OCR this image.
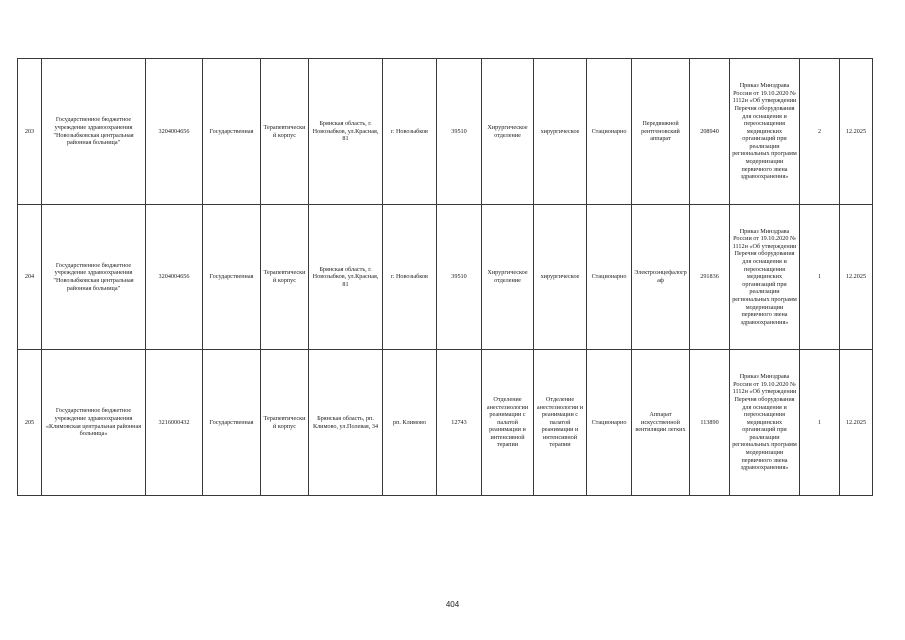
203	Государственное бюджетное учреждение здравоохранения "Новозыбковская центральная районная больница"	3204004656	Государственная	Терапевтический корпус	Брянская область, г. Новозыбков, ул.Красная, 81	г. Новозыбков	39510	Хирургическое отделение	хирургическое	Стационарно	Передвижной рентгеновский аппарат	208940	Приказ Минздрава России от 19.10.2020 № 1112н «Об утверждении Перечня оборудования для оснащения и переоснащения медицинских организаций при реализации региональных программ модернизации первичного звена здравоохранения»	2	12.2025
204	Государственное бюджетное учреждение здравоохранения "Новозыбковская центральная районная больница"	3204004656	Государственная	Терапевтический корпус	Брянская область, г. Новозыбков, ул.Красная, 81	г. Новозыбков	39510	Хирургическое отделение	хирургическое	Стационарно	Электроэнцефалограф	291836	Приказ Минздрава России от 19.10.2020 № 1112н «Об утверждении Перечня оборудования для оснащения и переоснащения медицинских организаций при реализации региональных программ модернизации первичного звена здравоохранения»	1	12.2025
205	Государственное бюджетное учреждение здравоохранения «Климовская центральная районная больница»	3216000432	Государственная	Терапевтический корпус	Брянская область, рп. Климово, ул.Полевая, 34	рп. Климово	12743	Отделение анестезиологии реанимации с палатой реанимации и интенсивной терапии	Отделение анестезиологии и реанимации с палатой реанимации и интенсивной терапии	Стационарно	Аппарат искусственной вентиляции легких	113890	Приказ Минздрава России от 19.10.2020 № 1112н «Об утверждении Перечня оборудования для оснащения и переоснащения медицинских организаций при реализации региональных программ модернизации первичного звена здравоохранения»	1	12.2025
404
